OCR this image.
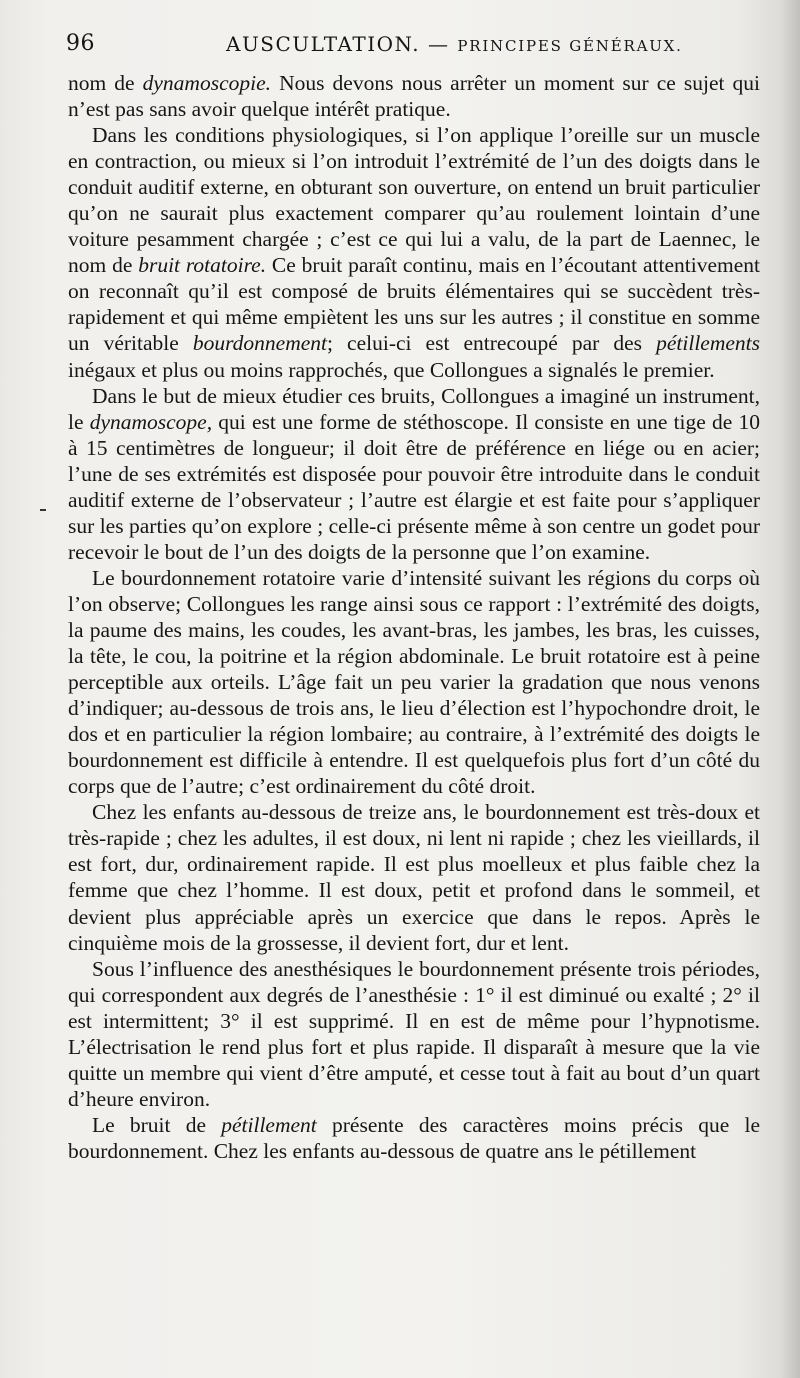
96	AUSCULTATION. — PRINCIPES GÉNÉRAUX.

nom de dynamoscopie. Nous devons nous arrêter un moment sur ce sujet qui n’est pas sans avoir quelque intérêt pratique.

Dans les conditions physiologiques, si l’on applique l’oreille sur un muscle en contraction, ou mieux si l’on introduit l’extrémité de l’un des doigts dans le conduit auditif externe, en obturant son ouverture, on entend un bruit particulier qu’on ne saurait plus exactement comparer qu’au roulement lointain d’une voiture pesamment chargée ; c’est ce qui lui a valu, de la part de Laennec, le nom de bruit rotatoire. Ce bruit paraît continu, mais en l’écoutant attentivement on reconnaît qu’il est composé de bruits élémentaires qui se succèdent très-rapidement et qui même empiètent les uns sur les autres ; il constitue en somme un véritable bourdonnement; celui-ci est entrecoupé par des pétillements inégaux et plus ou moins rapprochés, que Collongues a signalés le premier.

Dans le but de mieux étudier ces bruits, Collongues a imaginé un instrument, le dynamoscope, qui est une forme de stéthoscope. Il consiste en une tige de 10 à 15 centimètres de longueur; il doit être de préférence en liége ou en acier; l’une de ses extrémités est disposée pour pouvoir être introduite dans le conduit auditif externe de l’observateur ; l’autre est élargie et est faite pour s’appliquer sur les parties qu’on explore ; celle-ci présente même à son centre un godet pour recevoir le bout de l’un des doigts de la personne que l’on examine.

Le bourdonnement rotatoire varie d’intensité suivant les régions du corps où l’on observe; Collongues les range ainsi sous ce rapport : l’extrémité des doigts, la paume des mains, les coudes, les avant-bras, les jambes, les bras, les cuisses, la tête, le cou, la poitrine et la région abdominale. Le bruit rotatoire est à peine perceptible aux orteils. L’âge fait un peu varier la gradation que nous venons d’indiquer; au-dessous de trois ans, le lieu d’élection est l’hypochondre droit, le dos et en particulier la région lombaire; au contraire, à l’extrémité des doigts le bourdonnement est difficile à entendre. Il est quelquefois plus fort d’un côté du corps que de l’autre; c’est ordinairement du côté droit.

Chez les enfants au-dessous de treize ans, le bourdonnement est très-doux et très-rapide ; chez les adultes, il est doux, ni lent ni rapide ; chez les vieillards, il est fort, dur, ordinairement rapide. Il est plus moelleux et plus faible chez la femme que chez l’homme. Il est doux, petit et profond dans le sommeil, et devient plus appréciable après un exercice que dans le repos. Après le cinquième mois de la grossesse, il devient fort, dur et lent.

Sous l’influence des anesthésiques le bourdonnement présente trois périodes, qui correspondent aux degrés de l’anesthésie : 1° il est diminué ou exalté ; 2° il est intermittent; 3° il est supprimé. Il en est de même pour l’hypnotisme. L’électrisation le rend plus fort et plus rapide. Il disparaît à mesure que la vie quitte un membre qui vient d’être amputé, et cesse tout à fait au bout d’un quart d’heure environ.

Le bruit de pétillement présente des caractères moins précis que le bourdonnement. Chez les enfants au-dessous de quatre ans le pétillement
